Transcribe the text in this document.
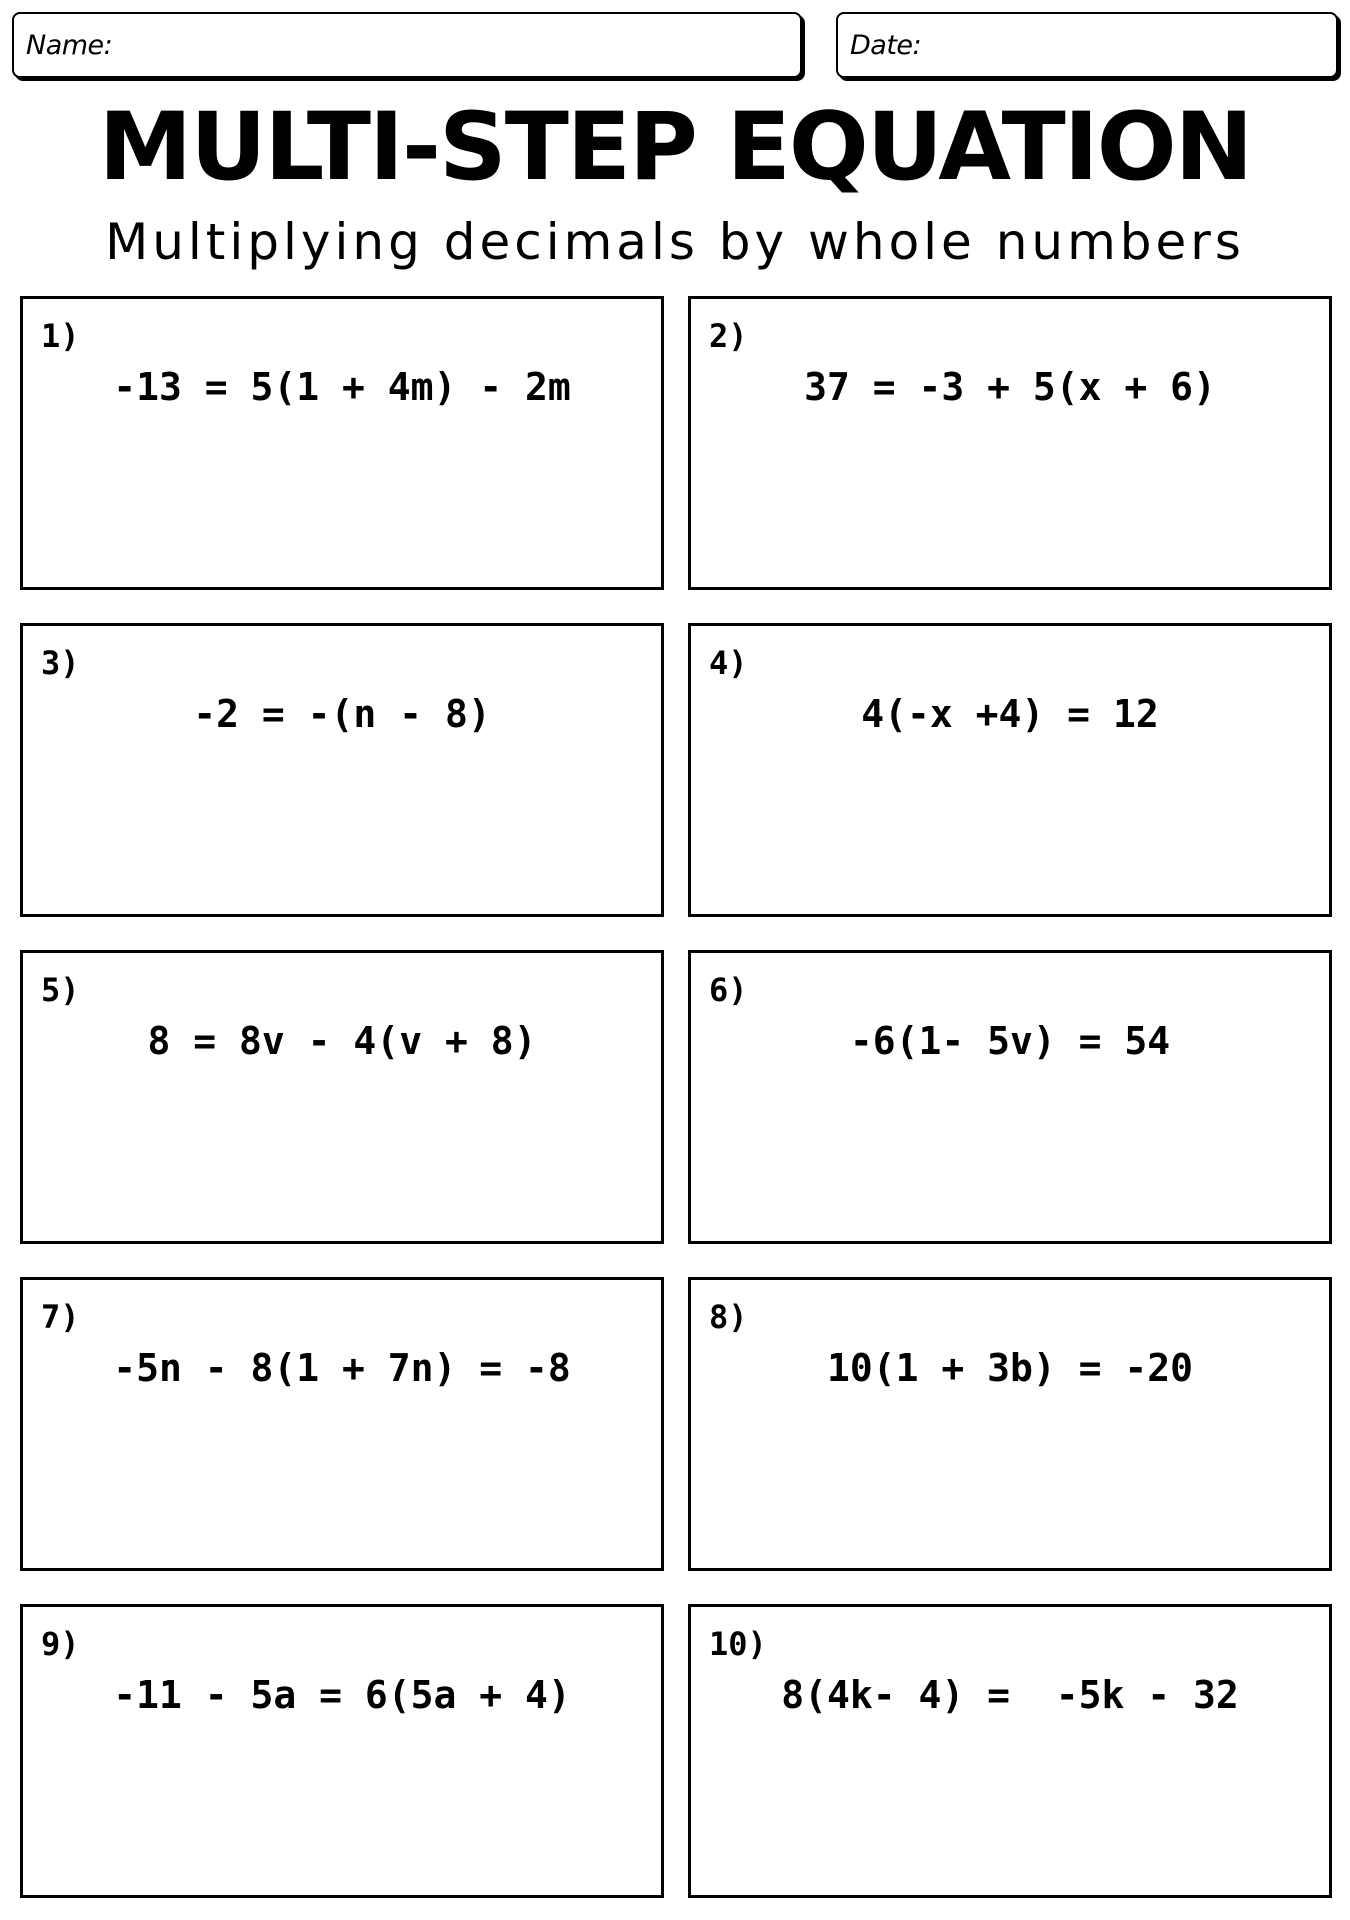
Name:	Date:
MULTI-STEP EQUATION
Multiplying decimals by whole numbers
1)
-13 = 5(1 + 4m) - 2m
2)
37 = -3 + 5(x + 6)
3)
-2 = -(n - 8)
4)
4(-x +4) = 12
5)
8 = 8v - 4(v + 8)
6)
-6(1- 5v) = 54
7)
-5n - 8(1 + 7n) = -8
8)
10(1 + 3b) = -20
9)
-11 - 5a = 6(5a + 4)
10)
8(4k- 4) =  -5k - 32
